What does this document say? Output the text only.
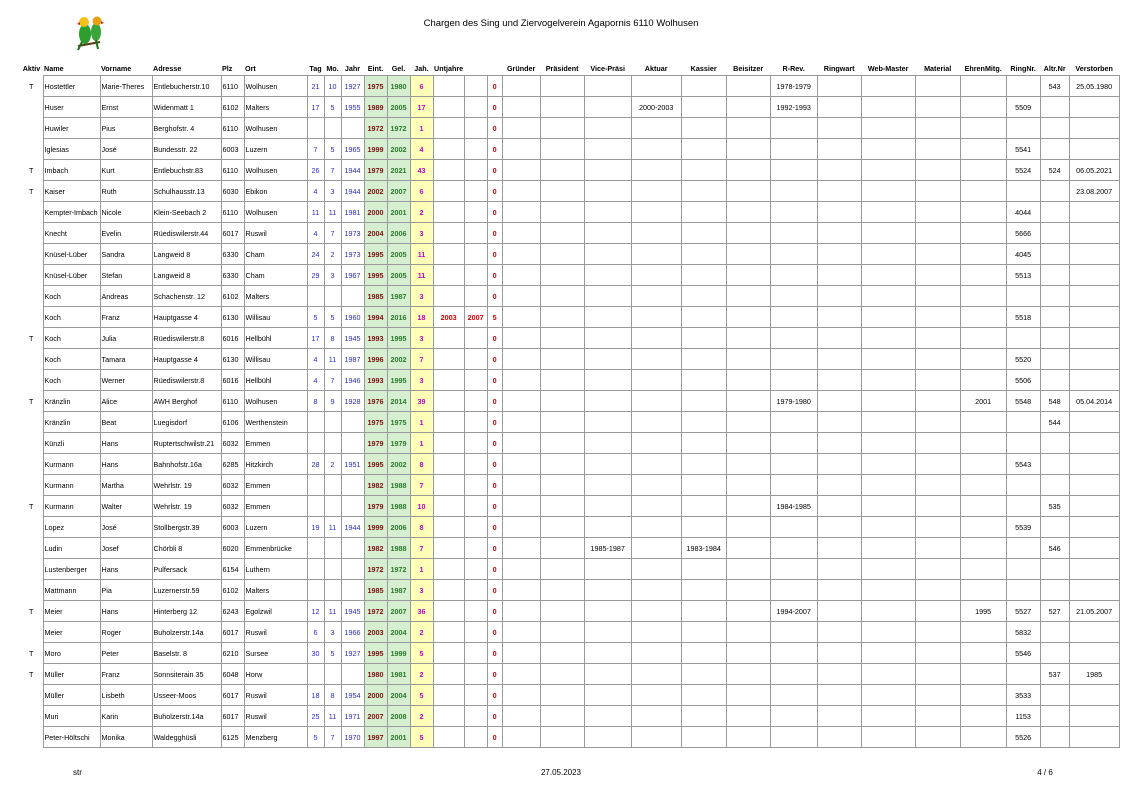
Chargen des Sing und Ziervogelverein Agapornis 6110 Wolhusen
Aktiv	Name	Vorname	Adresse	Plz	Ort	Tag	Mo.	Jahr	Eint.	Gel.	Jah.	Untjahre			Gründer	Präsident	Vice-Präsi	Aktuar	Kassier	Beisitzer	R-Rev.	Ringwart	Web-Master	Material	EhrenMitg.	RingNr.	Altr.Nr	Verstorben
T	Hostettler	Marie-Theres	Entlebucherstr.10	6110	Wolhusen	21	10	1927	1975	1980	6			0							1978-1979						543	25.05.1980
	Huser	Ernst	Widenmatt 1	6102	Malters	17	5	1955	1989	2005	17			0				2000-2003			1992-1993					5509		
	Huwiler	Pius	Berghofstr. 4	6110	Wolhusen				1972	1972	1			0														
	Iglesias	José	Bundesstr. 22	6003	Luzern	7	5	1965	1999	2002	4			0												5541		
T	Imbach	Kurt	Entlebuchstr.83	6110	Wolhusen	26	7	1944	1979	2021	43			0												5524	524	06.05.2021
T	Kaiser	Ruth	Schulhausstr.13	6030	Ebikon	4	3	1944	2002	2007	6			0														23.08.2007
	Kempter-Imbach	Nicole	Klein-Seebach 2	6110	Wolhusen	11	11	1981	2000	2001	2			0												4044		
	Knecht	Evelin	Rüediswilerstr.44	6017	Ruswil	4	7	1973	2004	2006	3			0												5666		
	Knüsel-Lüber	Sandra	Langweid 8	6330	Cham	24	2	1973	1995	2005	11			0												4045		
	Knüsel-Lüber	Stefan	Langweid 8	6330	Cham	29	3	1967	1995	2005	11			0												5513		
	Koch	Andreas	Schachenstr. 12	6102	Malters				1985	1987	3			0														
	Koch	Franz	Hauptgasse 4	6130	Willisau	5	5	1960	1994	2016	18	2003	2007	5												5518		
T	Koch	Julia	Rüediswilerstr.8	6016	Hellbühl	17	8	1945	1993	1995	3			0														
	Koch	Tamara	Hauptgasse 4	6130	Willisau	4	11	1987	1996	2002	7			0												5520		
	Koch	Werner	Rüediswilerstr.8	6016	Hellbühl	4	7	1946	1993	1995	3			0												5506		
T	Kränzlin	Alice	AWH Berghof	6110	Wolhusen	8	9	1928	1976	2014	39			0							1979-1980				2001	5548	548	05.04.2014
	Kränzlin	Beat	Luegisdorf	6106	Werthenstein				1975	1975	1			0													544	
	Künzli	Hans	Ruptertschwilstr.21	6032	Emmen				1979	1979	1			0														
	Kurmann	Hans	Bahnhofstr.16a	6285	Hitzkirch	28	2	1951	1995	2002	8			0												5543		
	Kurmann	Martha	Wehrlstr. 19	6032	Emmen				1982	1988	7			0														
T	Kurmann	Walter	Wehrlstr. 19	6032	Emmen				1979	1988	10			0							1984-1985						535	
	Lopez	José	Stollbergstr.39	6003	Luzern	19	11	1944	1999	2006	8			0												5539		
	Ludin	Josef	Chörbli 8	6020	Emmenbrücke				1982	1988	7			0			1985-1987		1983-1984								546	
	Lustenberger	Hans	Pulfersack	6154	Luthern				1972	1972	1			0														
	Mattmann	Pia	Luzernerstr.59	6102	Malters				1985	1987	3			0														
T	Meier	Hans	Hinterberg 12	6243	Egolzwil	12	11	1945	1972	2007	36			0							1994-2007				1995	5527	527	21.05.2007
	Meier	Roger	Buholzerstr.14a	6017	Ruswil	6	3	1966	2003	2004	2			0												5832		
T	Moro	Peter	Baselstr. 8	6210	Sursee	30	5	1927	1995	1999	5			0												5546		
T	Müller	Franz	Sonnsiterain 35	6048	Horw				1980	1981	2			0													537	1985
	Müller	Lisbeth	Usseer-Moos	6017	Ruswil	18	8	1954	2000	2004	5			0												3533		
	Muri	Karin	Buholzerstr.14a	6017	Ruswil	25	11	1971	2007	2008	2			0												1153		
	Peter-Höltschi	Monika	Waldegghüsli	6125	Menzberg	5	7	1970	1997	2001	5			0												5526		
str	27.05.2023	4 / 6
